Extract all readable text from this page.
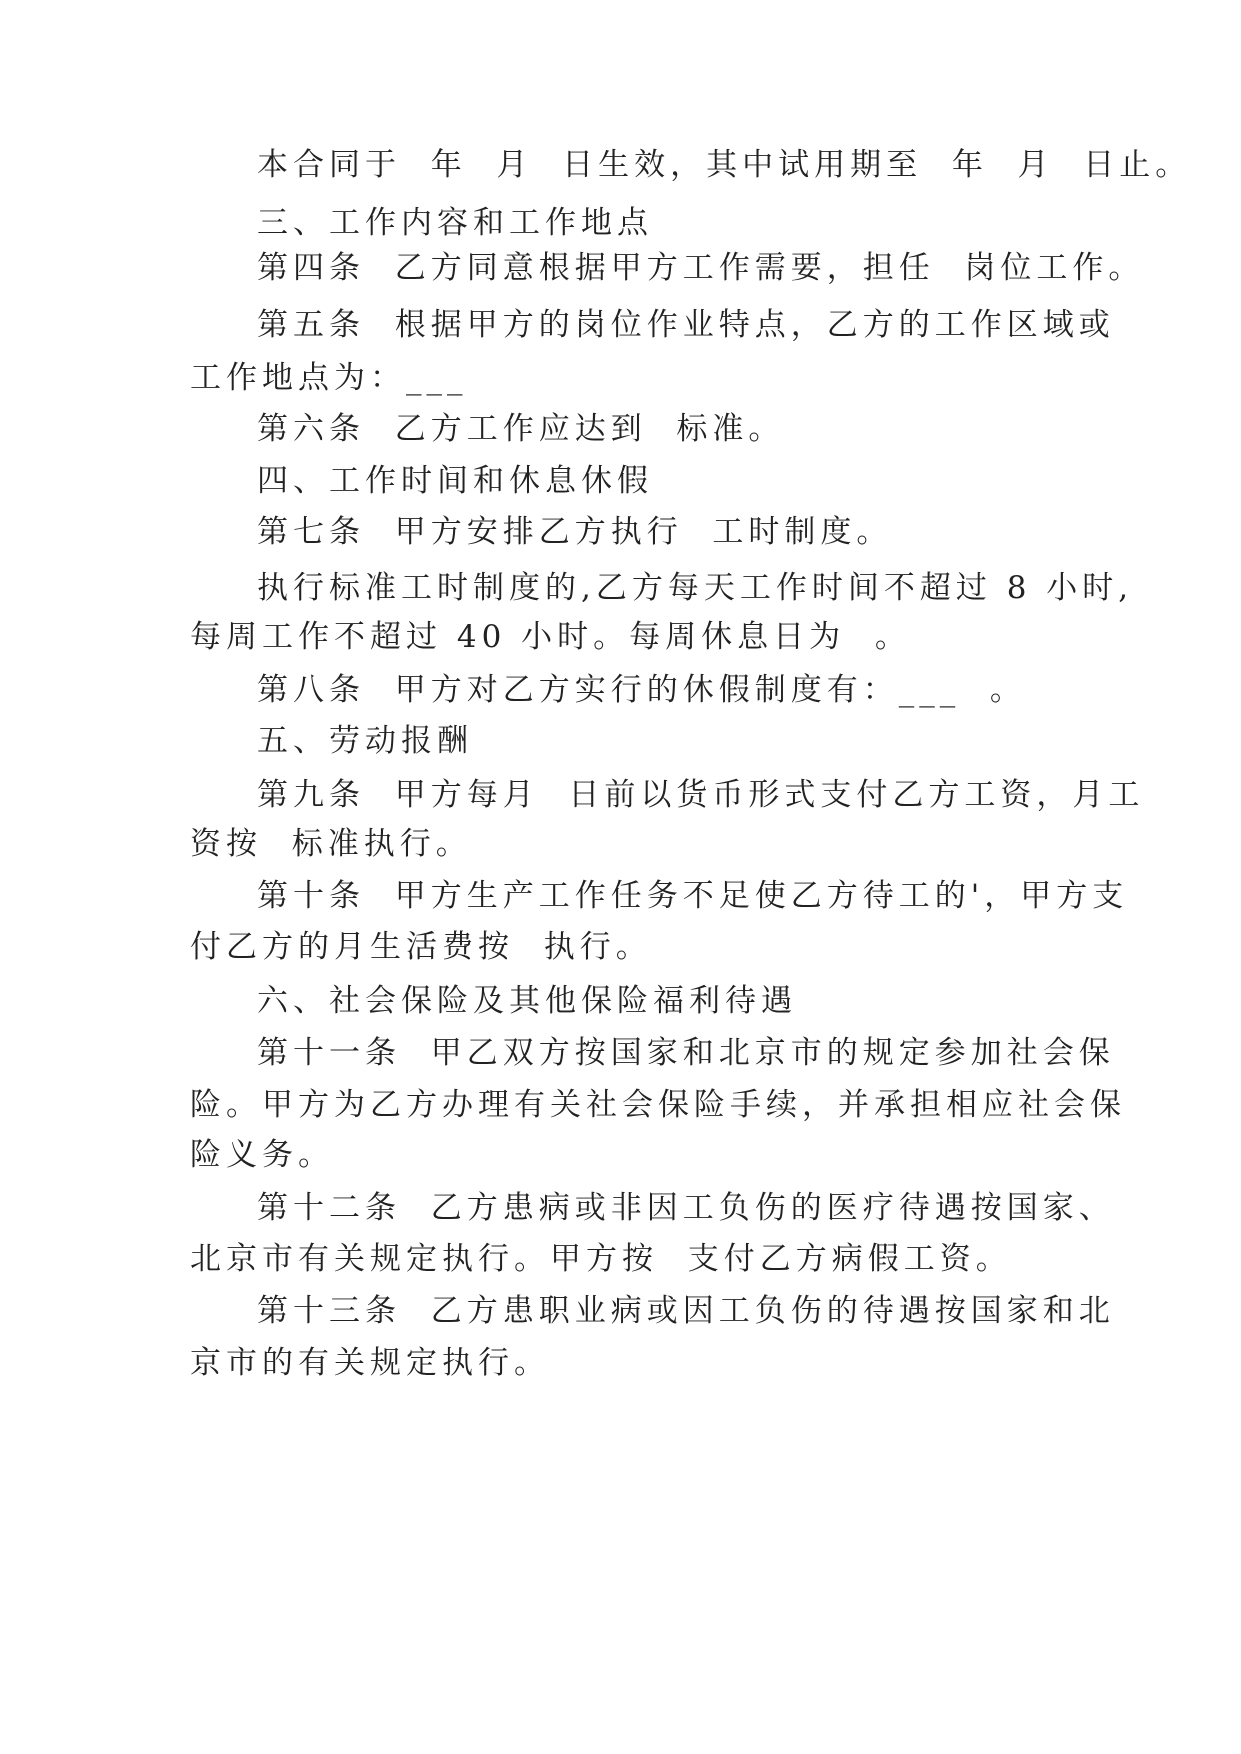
本合同于  年  月  日生效，其中试用期至  年  月  日止。

三、工作内容和工作地点

第四条  乙方同意根据甲方工作需要，担任  岗位工作。

第五条  根据甲方的岗位作业特点，乙方的工作区域或

工作地点为：___

第六条  乙方工作应达到  标准。

四、工作时间和休息休假

第七条  甲方安排乙方执行  工时制度。

执行标准工时制度的,乙方每天工作时间不超过 8 小时,

每周工作不超过 40 小时。每周休息日为  。

第八条  甲方对乙方实行的休假制度有：___  。

五、劳动报酬

第九条  甲方每月  日前以货币形式支付乙方工资，月工

资按  标准执行。

第十条  甲方生产工作任务不足使乙方待工的'，甲方支

付乙方的月生活费按  执行。

六、社会保险及其他保险福利待遇

第十一条  甲乙双方按国家和北京市的规定参加社会保

险。甲方为乙方办理有关社会保险手续，并承担相应社会保

险义务。

第十二条  乙方患病或非因工负伤的医疗待遇按国家、

北京市有关规定执行。甲方按  支付乙方病假工资。

第十三条  乙方患职业病或因工负伤的待遇按国家和北

京市的有关规定执行。
